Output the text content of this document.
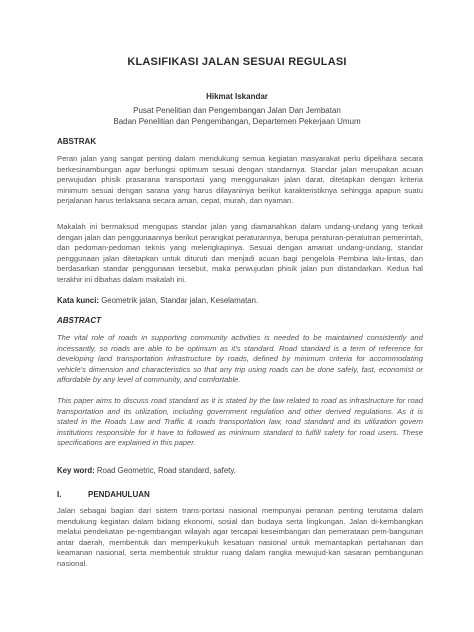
KLASIFIKASI JALAN SESUAI REGULASI
Hikmat Iskandar
Pusat Penelitian dan Pengembangan Jalan Dan Jembatan
Badan Penelitian dan Pengembangan, Departemen Pekerjaan Umum
ABSTRAK
Peran jalan yang sangat penting dalam mendukung semua kegiatan masyarakat perlu dipelihara secara berkesinambungan agar berfungsi optimum sesuai dengan standarnya. Standar jalan merupakan acuan perwujudan phisik prasarana transportasi yang menggunakan jalan darat, ditetapkan dengan kriteria minimum sesuai dengan sarana yang harus dilayaninya berikut karakteristiknya sehingga apapun suatu perjalanan harus terlaksana secara aman, cepat, murah, dan nyaman.
Makalah ini bermaksud mengupas standar jalan yang diamanahkan dalam undang-undang yang terkait dengan jalan dan penggunaannya berikut perangkat peraturannya, berupa peraturan-peratutran pemerintah, dan pedoman-pedoman teknis yang melengkapinya. Sesuai dengan amanat undang-undang, standar penggunaan jalan ditetapkan untuk dituruti dan menjadi acuan bagi pengelola Pembina lalu-lintas, dan berdasarkan standar penggunaan tersebut, maka perwujudan phisik jalan pun distandarkan. Kedua hal terakhir ini dibahas dalam makalah ini.
Kata kunci: Geometrik jalan, Standar jalan, Keselamatan.
ABSTRACT
The vital role of roads in supporting community activities is needed to be maintained consistently and incessantly, so roads are able to be optimum as it's standard. Road standard is a term of reference for developing land transportation infrastructure by roads, defined by minimum criteria for accommodating vehicle's dimension and characteristics so that any trip using roads can be done safely, fast, economist or affordable by any level of community, and comfortable.
This paper aims to discuss road standard as it is stated by the law related to road as infrastructure for road transportation and its utilization, including government regulation and other derived regulations. As it is stated in the Roads Law and Traffic & roads transportation law, road standard and its utilization govern institutions responsible for it have to followed as minimum standard to fulfill safety for road users. These specifications are explained in this paper.
Key word: Road Geometric, Road standard, safety.
I.	PENDAHULUAN
Jalan sebagai bagian dari sistem trans-portasi nasional mempunyai peranan penting terutama dalam mendukung kegiatan dalam bidang ekonomi, sosial dan budaya serta lingkungan. Jalan di-kembangkan melalui pendekatan pe-ngembangan wilayah agar tercapai keseimbangan dan pemerataan pem-bangunan antar daerah, membentuk dan memperkukuh kesatuan nasional untuk memantapkan pertahanan dan keamanan nasional, serta membentuk struktur ruang dalam rangka mewujud-kan sasaran pembangunan nasional.
